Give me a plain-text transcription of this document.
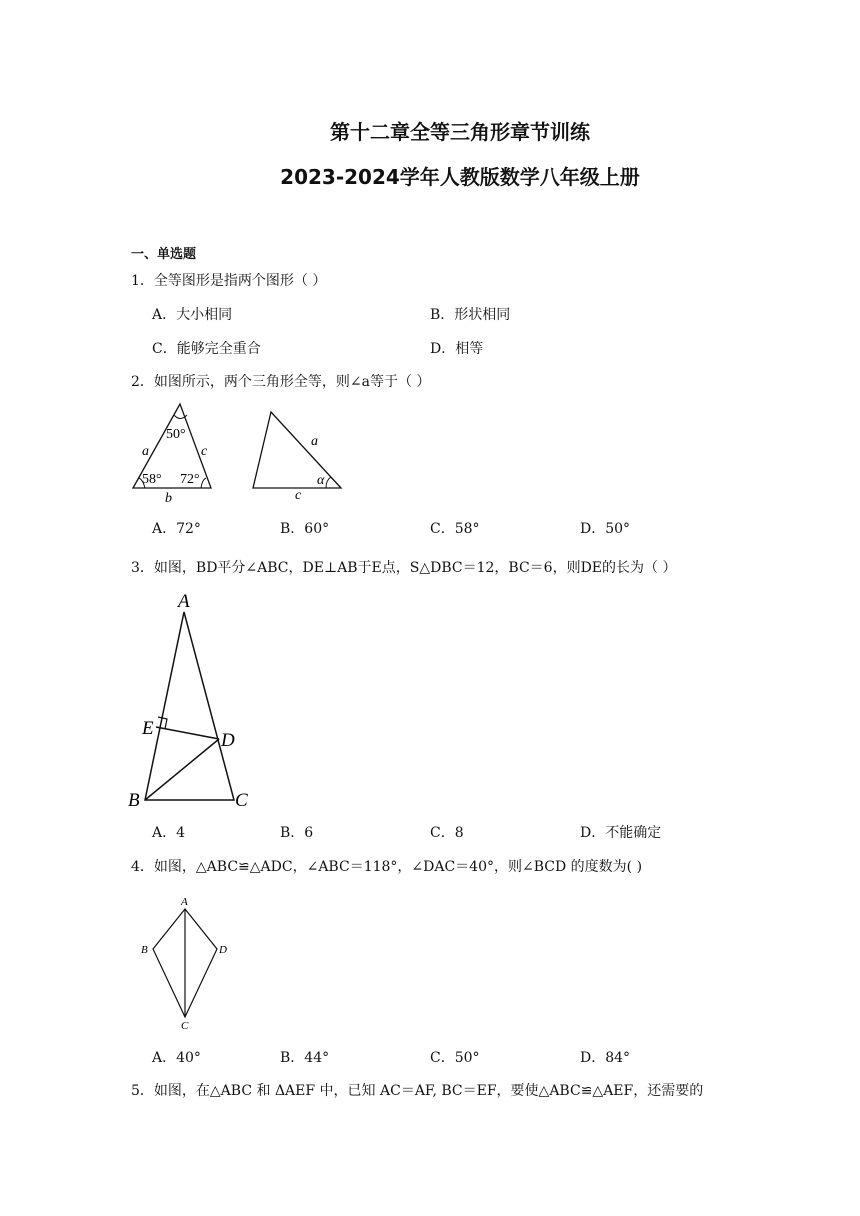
第十二章全等三角形章节训练
2023-2024学年人教版数学八年级上册
一、单选题
1．全等图形是指两个图形（ ）
A．大小相同	B．形状相同
C．能够完全重合	D．相等
2．如图所示，两个三角形全等，则∠a等于（ ）
50°
58° 72°
a	c
b
a
α
c
A．72°	B．60°	C．58°	D．50°
3．如图，BD平分∠ABC，DE⊥AB于E点，S△DBC＝12，BC＝6，则DE的长为（ ）
A
E
D
B	C
A．4	B．6	C．8	D．不能确定
4．如图，△ABC≌△ADC，∠ABC＝118°，∠DAC＝40°，则∠BCD 的度数为( )
A
B	D
C
A．40°	B．44°	C．50°	D．84°
5．如图，在△ABC 和 ΔAEF 中，已知 AC＝AF, BC＝EF，要使△ABC≌△AEF，还需要的
